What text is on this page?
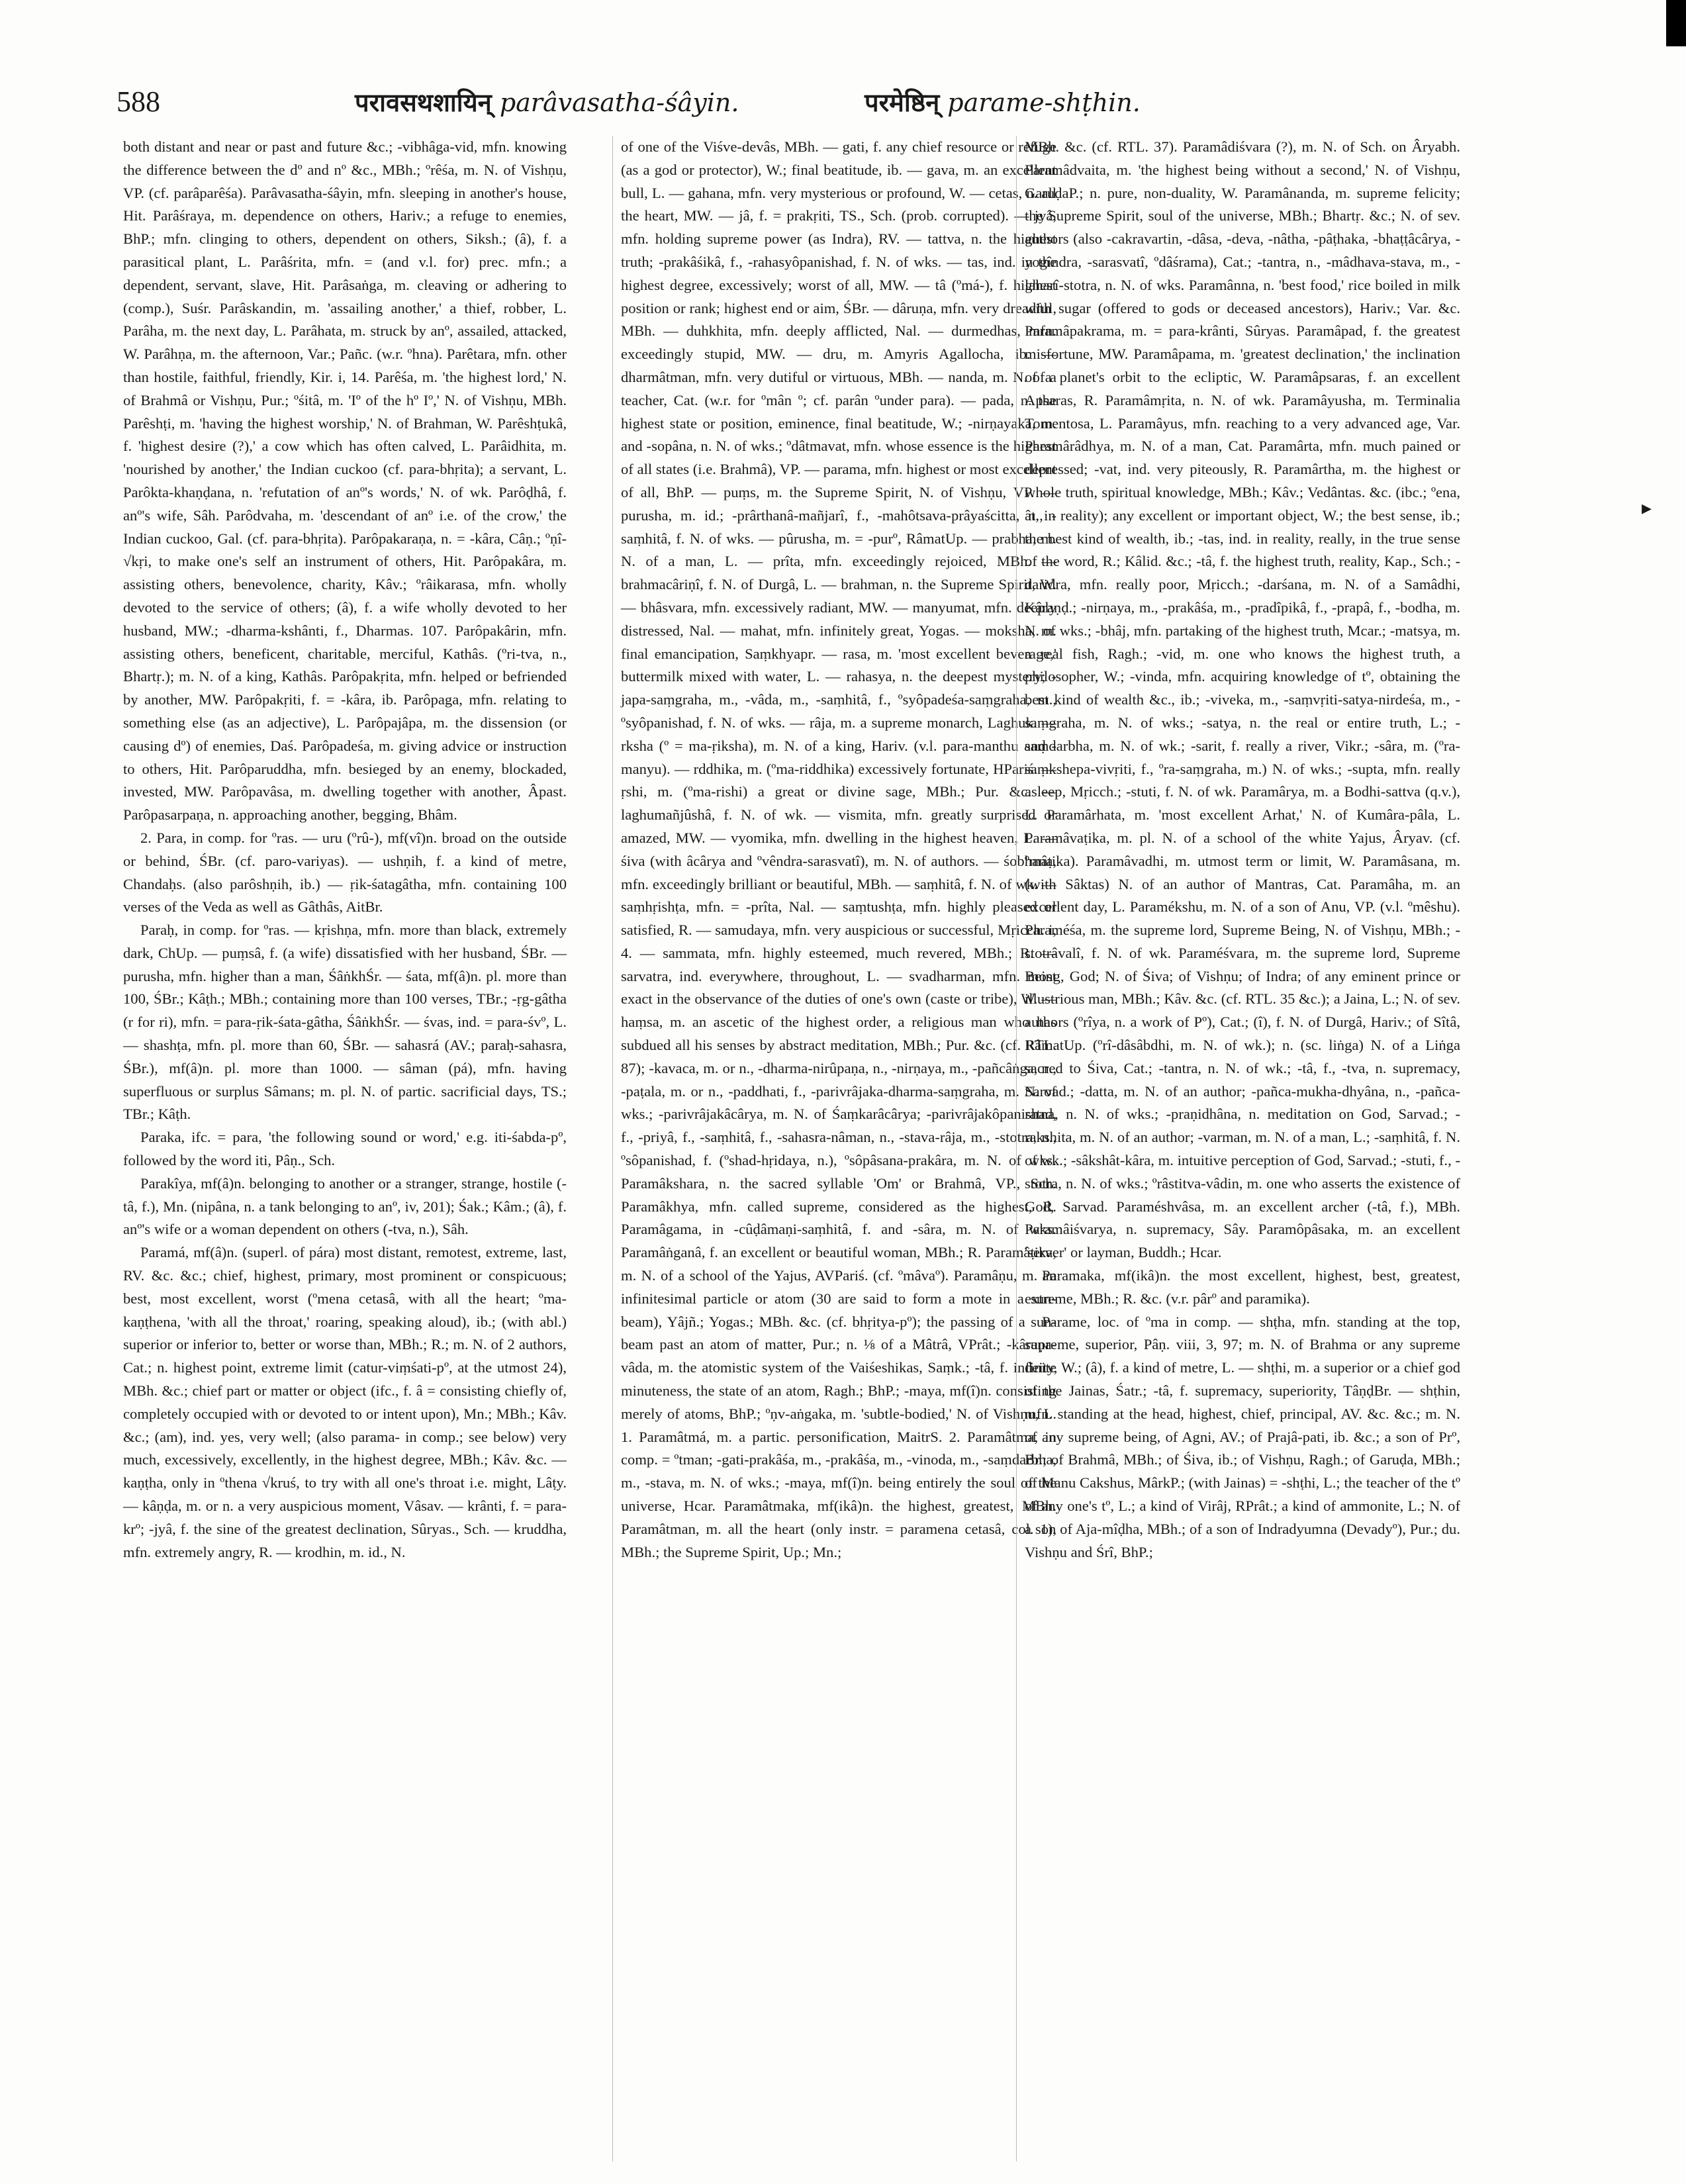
588	परावसथशायिन् parâvasatha-śâyin.	परमेष्ठिन् parame-shṭhin.
▸

both distant and near or past and future &c.; -vibhâga-vid, mfn. knowing the difference between the dº and nº &c., MBh.; ºrêśa, m. N. of Vishṇu, VP. (cf. parâparêśa). Parâvasatha-śâyin, mfn. sleeping in another's house, Hit. Parâśraya, m. dependence on others, Hariv.; a refuge to enemies, BhP.; mfn. clinging to others, dependent on others, Siksh.; (â), f. a parasitical plant, L. Parâśrita, mfn. = (and v.l. for) prec. mfn.; a dependent, servant, slave, Hit. Parâsaṅga, m. cleaving or adhering to (comp.), Suśr. Parâskandin, m. 'assailing another,' a thief, robber, L. Parâha, m. the next day, L. Parâhata, m. struck by anº, assailed, attacked, W. Parâhṇa, m. the afternoon, Var.; Pañc. (w.r. ºhna). Parêtara, mfn. other than hostile, faithful, friendly, Kir. i, 14. Parêśa, m. 'the highest lord,' N. of Brahmâ or Vishṇu, Pur.; ºśitâ, m. 'Iº of the hº Iº,' N. of Vishṇu, MBh. Parêshṭi, m. 'having the highest worship,' N. of Brahman, W. Parêshṭukâ, f. 'highest desire (?),' a cow which has often calved, L. Parâidhita, m. 'nourished by another,' the Indian cuckoo (cf. para-bhṛita); a servant, L. Parôkta-khaṇḍana, n. 'refutation of anº's words,' N. of wk. Parôḍhâ, f. anº's wife, Sâh. Parôdvaha, m. 'descendant of anº i.e. of the crow,' the Indian cuckoo, Gal. (cf. para-bhṛita). Parôpakaraṇa, n. = -kâra, Câṇ.; ºṇî-√kṛi, to make one's self an instrument of others, Hit. Parôpakâra, m. assisting others, benevolence, charity, Kâv.; ºrâikarasa, mfn. wholly devoted to the service of others; (â), f. a wife wholly devoted to her husband, MW.; -dharma-kshânti, f., Dharmas. 107. Parôpakârin, mfn. assisting others, beneficent, charitable, merciful, Kathâs. (ºri-tva, n., Bhartṛ.); m. N. of a king, Kathâs. Parôpakṛita, mfn. helped or befriended by another, MW. Parôpakṛiti, f. = -kâra, ib. Parôpaga, mfn. relating to something else (as an adjective), L. Parôpajâpa, m. the dissension (or causing dº) of enemies, Daś. Parôpadeśa, m. giving advice or instruction to others, Hit. Parôparuddha, mfn. besieged by an enemy, blockaded, invested, MW. Parôpavâsa, m. dwelling together with another, Âpast. Parôpasarpaṇa, n. approaching another, begging, Bhâm.

2. Para, in comp. for ºras. — uru (ºrû-), mf(vî)n. broad on the outside or behind, ŚBr. (cf. paro-variyas). — ushṇih, f. a kind of metre, Chandaḥs. (also parôshṇih, ib.) — ṛik-śatagâtha, mfn. containing 100 verses of the Veda as well as Gâthâs, AitBr.

Paraḥ, in comp. for ºras. — kṛishṇa, mfn. more than black, extremely dark, ChUp. — puṃsâ, f. (a wife) dissatisfied with her husband, ŚBr. — purusha, mfn. higher than a man, ŚâṅkhŚr. — śata, mf(â)n. pl. more than 100, ŚBr.; Kâṭh.; MBh.; containing more than 100 verses, TBr.; -ṛg-gâtha (r for ri), mfn. = para-ṛik-śata-gâtha, ŚâṅkhŚr. — śvas, ind. = para-śvº, L. — shashṭa, mfn. pl. more than 60, ŚBr. — sahasrá (AV.; paraḥ-sahasra, ŚBr.), mf(â)n. pl. more than 1000. — sâman (pá), mfn. having superfluous or surplus Sâmans; m. pl. N. of partic. sacrificial days, TS.; TBr.; Kâṭh.

Paraka, ifc. = para, 'the following sound or word,' e.g. iti-śabda-pº, followed by the word iti, Pâṇ., Sch.

Parakîya, mf(â)n. belonging to another or a stranger, strange, hostile (-tâ, f.), Mn. (nipâna, n. a tank belonging to anº, iv, 201); Śak.; Kâm.; (â), f. anº's wife or a woman dependent on others (-tva, n.), Sâh.

Paramá, mf(â)n. (superl. of pára) most distant, remotest, extreme, last, RV. &c. &c.; chief, highest, primary, most prominent or conspicuous; best, most excellent, worst (ºmena cetasâ, with all the heart; ºma-kaṇṭhena, 'with all the throat,' roaring, speaking aloud), ib.; (with abl.) superior or inferior to, better or worse than, MBh.; R.; m. N. of 2 authors, Cat.; n. highest point, extreme limit (catur-viṃśati-pº, at the utmost 24), MBh. &c.; chief part or matter or object (ifc., f. â = consisting chiefly of, completely occupied with or devoted to or intent upon), Mn.; MBh.; Kâv. &c.; (am), ind. yes, very well; (also parama- in comp.; see below) very much, excessively, excellently, in the highest degree, MBh.; Kâv. &c. — kaṇṭha, only in ºthena √kruś, to try with all one's throat i.e. might, Lâṭy. — kâṇḍa, m. or n. a very auspicious moment, Vâsav. — krânti, f. = para-krº; -jyâ, f. the sine of the greatest declination, Sûryas., Sch. — kruddha, mfn. extremely angry, R. — krodhin, m. id., N.

of one of the Viśve-devâs, MBh. — gati, f. any chief resource or refuge (as a god or protector), W.; final beatitude, ib. — gava, m. an excellent bull, L. — gahana, mfn. very mysterious or profound, W. — cetas, n. all the heart, MW. — jâ, f. = prakṛiti, TS., Sch. (prob. corrupted). — jyâ, mfn. holding supreme power (as Indra), RV. — tattva, n. the highest truth; -prakâśikâ, f., -rahasyôpanishad, f. N. of wks. — tas, ind. in the highest degree, excessively; worst of all, MW. — tâ (ºmá-), f. highest position or rank; highest end or aim, ŚBr. — dâruṇa, mfn. very dreadful, MBh. — duhkhita, mfn. deeply afflicted, Nal. — durmedhas, mfn. exceedingly stupid, MW. — dru, m. Amyris Agallocha, ib. — dharmâtman, mfn. very dutiful or virtuous, MBh. — nanda, m. N. of a teacher, Cat. (w.r. for ºmân º; cf. parân ºunder para). — pada, n. the highest state or position, eminence, final beatitude, W.; -nirṇayaka, m. and -sopâna, n. N. of wks.; ºdâtmavat, mfn. whose essence is the highest of all states (i.e. Brahmâ), VP. — parama, mfn. highest or most excellent of all, BhP. — puṃs, m. the Supreme Spirit, N. of Vishṇu, VP. — purusha, m. id.; -prârthanâ-mañjarî, f., -mahôtsava-prâyaścitta, n., -saṃhitâ, f. N. of wks. — pûrusha, m. = -purº, RâmatUp. — prabha, m. N. of a man, L. — prîta, mfn. exceedingly rejoiced, MBh. — brahmacâriṇî, f. N. of Durgâ, L. — brahman, n. the Supreme Spirit, W. — bhâsvara, mfn. excessively radiant, MW. — manyumat, mfn. deeply distressed, Nal. — mahat, mfn. infinitely great, Yogas. — moksha, m. final emancipation, Saṃkhyapr. — rasa, m. 'most excellent beverage,' buttermilk mixed with water, L. — rahasya, n. the deepest mystery; -japa-saṃgraha, m., -vâda, m., -saṃhitâ, f., ºsyôpadeśa-saṃgraha, m., ºsyôpanishad, f. N. of wks. — râja, m. a supreme monarch, Laghuk. — rksha (º = ma-ṛiksha), m. N. of a king, Hariv. (v.l. para-manthu and -manyu). — rddhika, m. (ºma-riddhika) excessively fortunate, HPariś. — ṛshi, m. (ºma-rishi) a great or divine sage, MBh.; Pur. &c. — laghumañjûshâ, f. N. of wk. — vismita, mfn. greatly surprised or amazed, MW. — vyomika, mfn. dwelling in the highest heaven, L. — śiva (with âcârya and ºvêndra-sarasvatî), m. N. of authors. — śobhana, mfn. exceedingly brilliant or beautiful, MBh. — saṃhitâ, f. N. of wk. — saṃhṛishṭa, mfn. = -prîta, Nal. — saṃtushṭa, mfn. highly pleased or satisfied, R. — samudaya, mfn. very auspicious or successful, Mṛicch. i, 4. — sammata, mfn. highly esteemed, much revered, MBh.; R. — sarvatra, ind. everywhere, throughout, L. — svadharman, mfn. most exact in the observance of the duties of one's own (caste or tribe), W. — haṃsa, m. an ascetic of the highest order, a religious man who has subdued all his senses by abstract meditation, MBh.; Pur. &c. (cf. RTL. 87); -kavaca, m. or n., -dharma-nirûpaṇa, n., -nirṇaya, m., -pañcâṅga, n., -paṭala, m. or n., -paddhati, f., -parivrâjaka-dharma-saṃgraha, m. N. of wks.; -parivrâjakâcârya, m. N. of Śaṃkarâcârya; -parivrâjakôpanishad, f., -priyâ, f., -saṃhitâ, f., -sahasra-nâman, n., -stava-râja, m., -stotra, n., ºsôpanishad, f. (ºshad-hṛidaya, n.), ºsôpâsana-prakâra, m. N. of wks. Paramâkshara, n. the sacred syllable 'Om' or Brahmâ, VP., Sch. Paramâkhya, mfn. called supreme, considered as the highest, R. Paramâgama, in -cûḍâmaṇi-saṃhitâ, f. and -sâra, m. N. of wks. Paramâṅganâ, f. an excellent or beautiful woman, MBh.; R. Paramâṭika, m. N. of a school of the Yajus, AVPariś. (cf. ºmâvaº). Paramâṇu, m. an infinitesimal particle or atom (30 are said to form a mote in a sun-beam), Yâjñ.; Yogas.; MBh. &c. (cf. bhṛitya-pº); the passing of a sun-beam past an atom of matter, Pur.; n. ⅛ of a Mâtrâ, VPrât.; -kâraṇa-vâda, m. the atomistic system of the Vaiśeshikas, Saṃk.; -tâ, f. infinite minuteness, the state of an atom, Ragh.; BhP.; -maya, mf(î)n. consisting merely of atoms, BhP.; ºṇv-aṅgaka, m. 'subtle-bodied,' N. of Vishṇu, L. 1. Paramâtmá, m. a partic. personification, MaitrS. 2. Paramâtma, in comp. = ºtman; -gati-prakâśa, m., -prakâśa, m., -vinoda, m., -saṃdarbha, m., -stava, m. N. of wks.; -maya, mf(î)n. being entirely the soul of the universe, Hcar. Paramâtmaka, mf(ikâ)n. the highest, greatest, MBh. Paramâtman, m. all the heart (only instr. = paramena cetasâ, col. 1), MBh.; the Supreme Spirit, Up.; Mn.;

MBh. &c. (cf. RTL. 37). Paramâdiśvara (?), m. N. of Sch. on Âryabh. Paramâdvaita, m. 'the highest being without a second,' N. of Vishṇu, GaruḍaP.; n. pure, non-duality, W. Paramânanda, m. supreme felicity; the Supreme Spirit, soul of the universe, MBh.; Bhartṛ. &c.; N. of sev. authors (also -cakravartin, -dâsa, -deva, -nâtha, -pâṭhaka, -bhaṭṭâcârya, -yogîndra, -sarasvatî, ºdâśrama), Cat.; -tantra, n., -mâdhava-stava, m., -laharî-stotra, n. N. of wks. Paramânna, n. 'best food,' rice boiled in milk with sugar (offered to gods or deceased ancestors), Hariv.; Var. &c. Paramâpakrama, m. = para-krânti, Sûryas. Paramâpad, f. the greatest misfortune, MW. Paramâpama, m. 'greatest declination,' the inclination of a planet's orbit to the ecliptic, W. Paramâpsaras, f. an excellent Apsaras, R. Paramâmṛita, n. N. of wk. Paramâyusha, m. Terminalia Tomentosa, L. Paramâyus, mfn. reaching to a very advanced age, Var. Paramârâdhya, m. N. of a man, Cat. Paramârta, mfn. much pained or depressed; -vat, ind. very piteously, R. Paramârtha, m. the highest or whole truth, spiritual knowledge, MBh.; Kâv.; Vedântas. &c. (ibc.; ºena, ât, in reality); any excellent or important object, W.; the best sense, ib.; the best kind of wealth, ib.; -tas, ind. in reality, really, in the true sense of the word, R.; Kâlid. &c.; -tâ, f. the highest truth, reality, Kap., Sch.; -daridra, mfn. really poor, Mṛicch.; -darśana, m. N. of a Samâdhi, Kâraṇḍ.; -nirṇaya, m., -prakâśa, m., -pradîpikâ, f., -prapâ, f., -bodha, m. N. of wks.; -bhâj, mfn. partaking of the highest truth, Mcar.; -matsya, m. a real fish, Ragh.; -vid, m. one who knows the highest truth, a philosopher, W.; -vinda, mfn. acquiring knowledge of tº, obtaining the best kind of wealth &c., ib.; -viveka, m., -saṃvṛiti-satya-nirdeśa, m., -saṃgraha, m. N. of wks.; -satya, n. the real or entire truth, L.; -saṃdarbha, m. N. of wk.; -sarit, f. really a river, Vikr.; -sâra, m. (ºra-saṃkshepa-vivṛiti, f., ºra-saṃgraha, m.) N. of wks.; -supta, mfn. really asleep, Mṛicch.; -stuti, f. N. of wk. Paramârya, m. a Bodhi-sattva (q.v.), L. Paramârhata, m. 'most excellent Arhat,' N. of Kumâra-pâla, L. Paramâvaṭika, m. pl. N. of a school of the white Yajus, Âryav. (cf. ºmâṭika). Paramâvadhi, m. utmost term or limit, W. Paramâsana, m. (with Sâktas) N. of an author of Mantras, Cat. Paramâha, m. an excellent day, L. Paramékshu, m. N. of a son of Anu, VP. (v.l. ºmêshu). Paraméśa, m. the supreme lord, Supreme Being, N. of Vishṇu, MBh.; -stotrâvalî, f. N. of wk. Paraméśvara, m. the supreme lord, Supreme Being, God; N. of Śiva; of Vishṇu; of Indra; of any eminent prince or illustrious man, MBh.; Kâv. &c. (cf. RTL. 35 &c.); a Jaina, L.; N. of sev. authors (ºrîya, n. a work of Pº), Cat.; (î), f. N. of Durgâ, Hariv.; of Sîtâ, RâmatUp. (ºrî-dâsâbdhi, m. N. of wk.); n. (sc. liṅga) N. of a Liṅga sacred to Śiva, Cat.; -tantra, n. N. of wk.; -tâ, f., -tva, n. supremacy, Sarvad.; -datta, m. N. of an author; -pañca-mukha-dhyâna, n., -pañca-ratna, n. N. of wks.; -praṇidhâna, n. meditation on God, Sarvad.; -rakshita, m. N. of an author; -varman, m. N. of a man, L.; -saṃhitâ, f. N. of wk.; -sâkshât-kâra, m. intuitive perception of God, Sarvad.; -stuti, f., -stotra, n. N. of wks.; ºrâstitva-vâdin, m. one who asserts the existence of God, Sarvad. Paraméshvâsa, m. an excellent archer (-tâ, f.), MBh. Paramâiśvarya, n. supremacy, Sây. Paramôpâsaka, m. an excellent 'server' or layman, Buddh.; Hcar.

Paramaka, mf(ikâ)n. the most excellent, highest, best, greatest, extreme, MBh.; R. &c. (v.r. pârº and paramika).

Parame, loc. of ºma in comp. — shṭha, mfn. standing at the top, supreme, superior, Pâṇ. viii, 3, 97; m. N. of Brahma or any supreme deity, W.; (â), f. a kind of metre, L. — shṭhi, m. a superior or a chief god of the Jainas, Śatr.; -tâ, f. supremacy, superiority, TâṇḍBr. — shṭhin, mfn. standing at the head, highest, chief, principal, AV. &c. &c.; m. N. of any supreme being, of Agni, AV.; of Prajâ-pati, ib. &c.; a son of Prº, Br.; of Brahmâ, MBh.; of Śiva, ib.; of Vishṇu, Ragh.; of Garuḍa, MBh.; of Manu Cakshus, MârkP.; (with Jainas) = -shṭhi, L.; the teacher of the tº of any one's tº, L.; a kind of Virâj, RPrât.; a kind of ammonite, L.; N. of a son of Aja-mîḍha, MBh.; of a son of Indradyumna (Devadyº), Pur.; du. Vishṇu and Śrî, BhP.;
